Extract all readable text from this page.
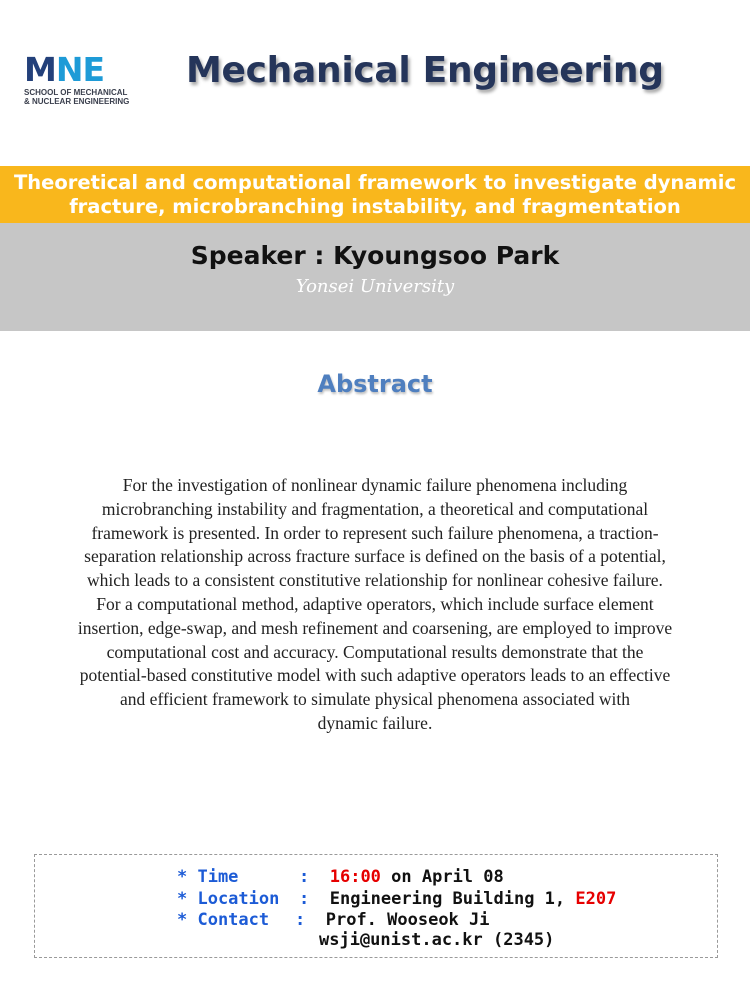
M N E
SCHOOL OF MECHANICAL
& NUCLEAR ENGINEERING
Mechanical Engineering
Theoretical and computational framework to investigate dynamic
fracture, microbranching instability, and fragmentation
Speaker : Kyoungsoo Park
Yonsei University
Abstract
For the investigation of nonlinear dynamic failure phenomena including
microbranching instability and fragmentation, a theoretical and computational
framework is presented. In order to represent such failure phenomena, a traction-
separation relationship across fracture surface is defined on the basis of a potential,
which leads to a consistent constitutive relationship for nonlinear cohesive failure.
For a computational method, adaptive operators, which include surface element
insertion, edge-swap, and mesh refinement and coarsening, are employed to improve
computational cost and accuracy. Computational results demonstrate that the
potential-based constitutive model with such adaptive operators leads to an effective
and efficient framework to simulate physical phenomena associated with
dynamic failure.
* Time	: 16:00 on April 08
* Location : Engineering Building 1, E207
* Contact : Prof. Wooseok Ji
wsji@unist.ac.kr (2345)
